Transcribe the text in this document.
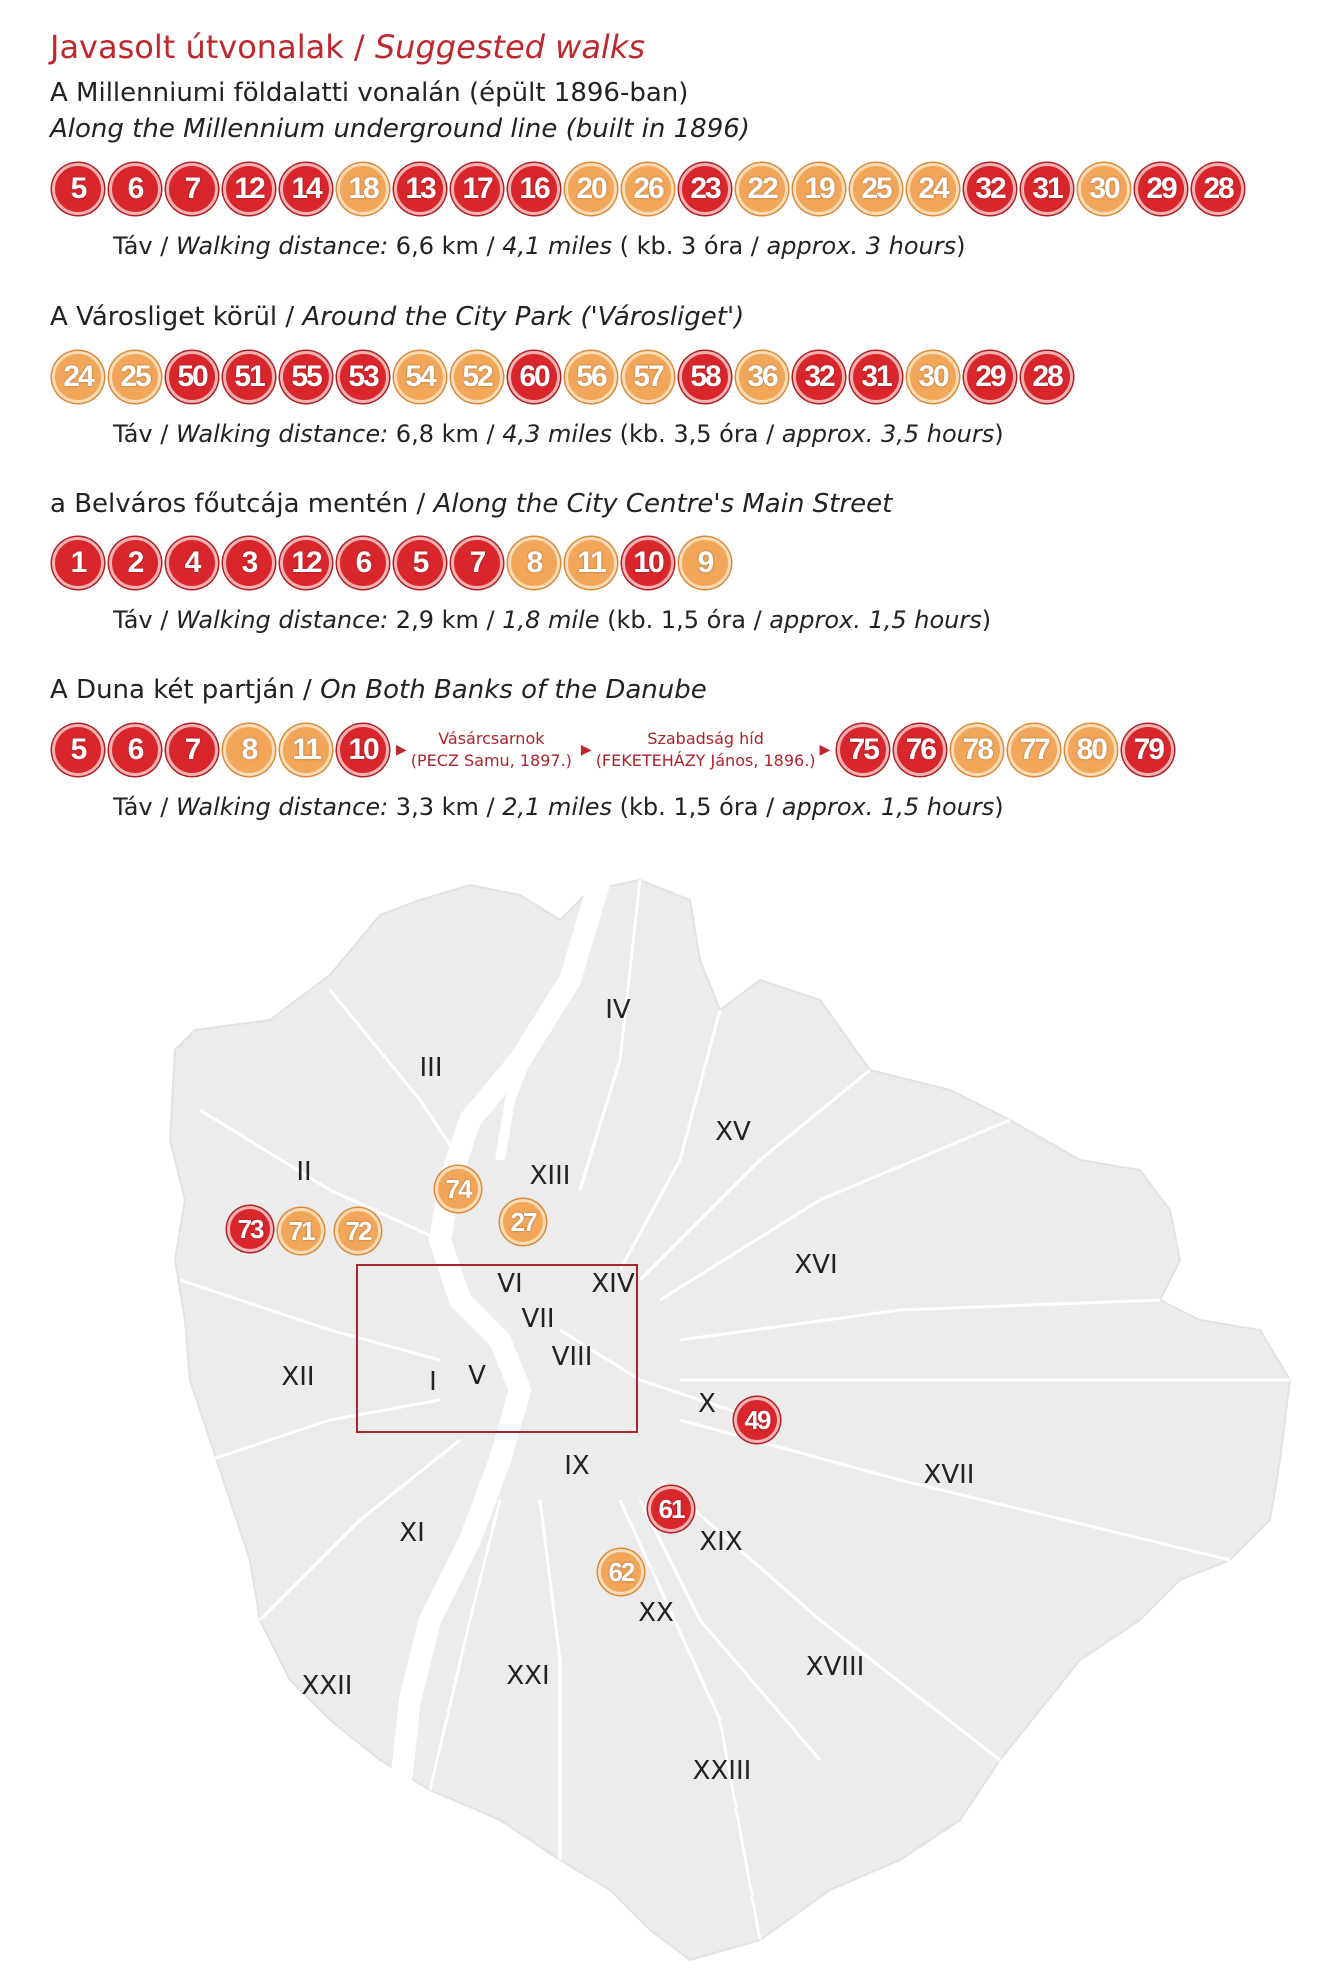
Javasolt útvonalak / Suggested walks
A Millenniumi földalatti vonalán (épült 1896-ban)
Along the Millennium underground line (built in 1896)
5	6	7	12 14 18 13 17 16 20 26 23 22 19 25 24 32 31 30 29 28
Táv / Walking distance: 6,6 km / 4,1 miles ( kb. 3 óra / approx. 3 hours)
A Városliget körül / Around the City Park ('Városliget')
24 25 50 51 55 53 54 52 60 56 57 58 36 32 31 30 29 28
Táv / Walking distance: 6,8 km / 4,3 miles (kb. 3,5 óra / approx. 3,5 hours)
a Belváros főutcája mentén / Along the City Centre's Main Street
1	2	4	3	12	6	5	7	8	11 10	9
Táv / Walking distance: 2,9 km / 1,8 mile (kb. 1,5 óra / approx. 1,5 hours)
A Duna két partján / On Both Banks of the Danube
5	6	7	8	11 10	▶
Vásárcsarnok
(PECZ Samu, 1897.)
▶
Szabadság híd
(FEKETEHÁZY János, 1896.)
▶ 75 76 78 77 80 79
Táv / Walking distance: 3,3 km / 2,1 miles (kb. 1,5 óra / approx. 1,5 hours)
I
II
III
IV
V
VI
VII
VIII
IX
X
XI
XII
XIII
XIV
XV
XVI
XVII
XVIII
XIX
XX
XXI
XXII
XXIII
74
27
73	71	72
49
61
62
